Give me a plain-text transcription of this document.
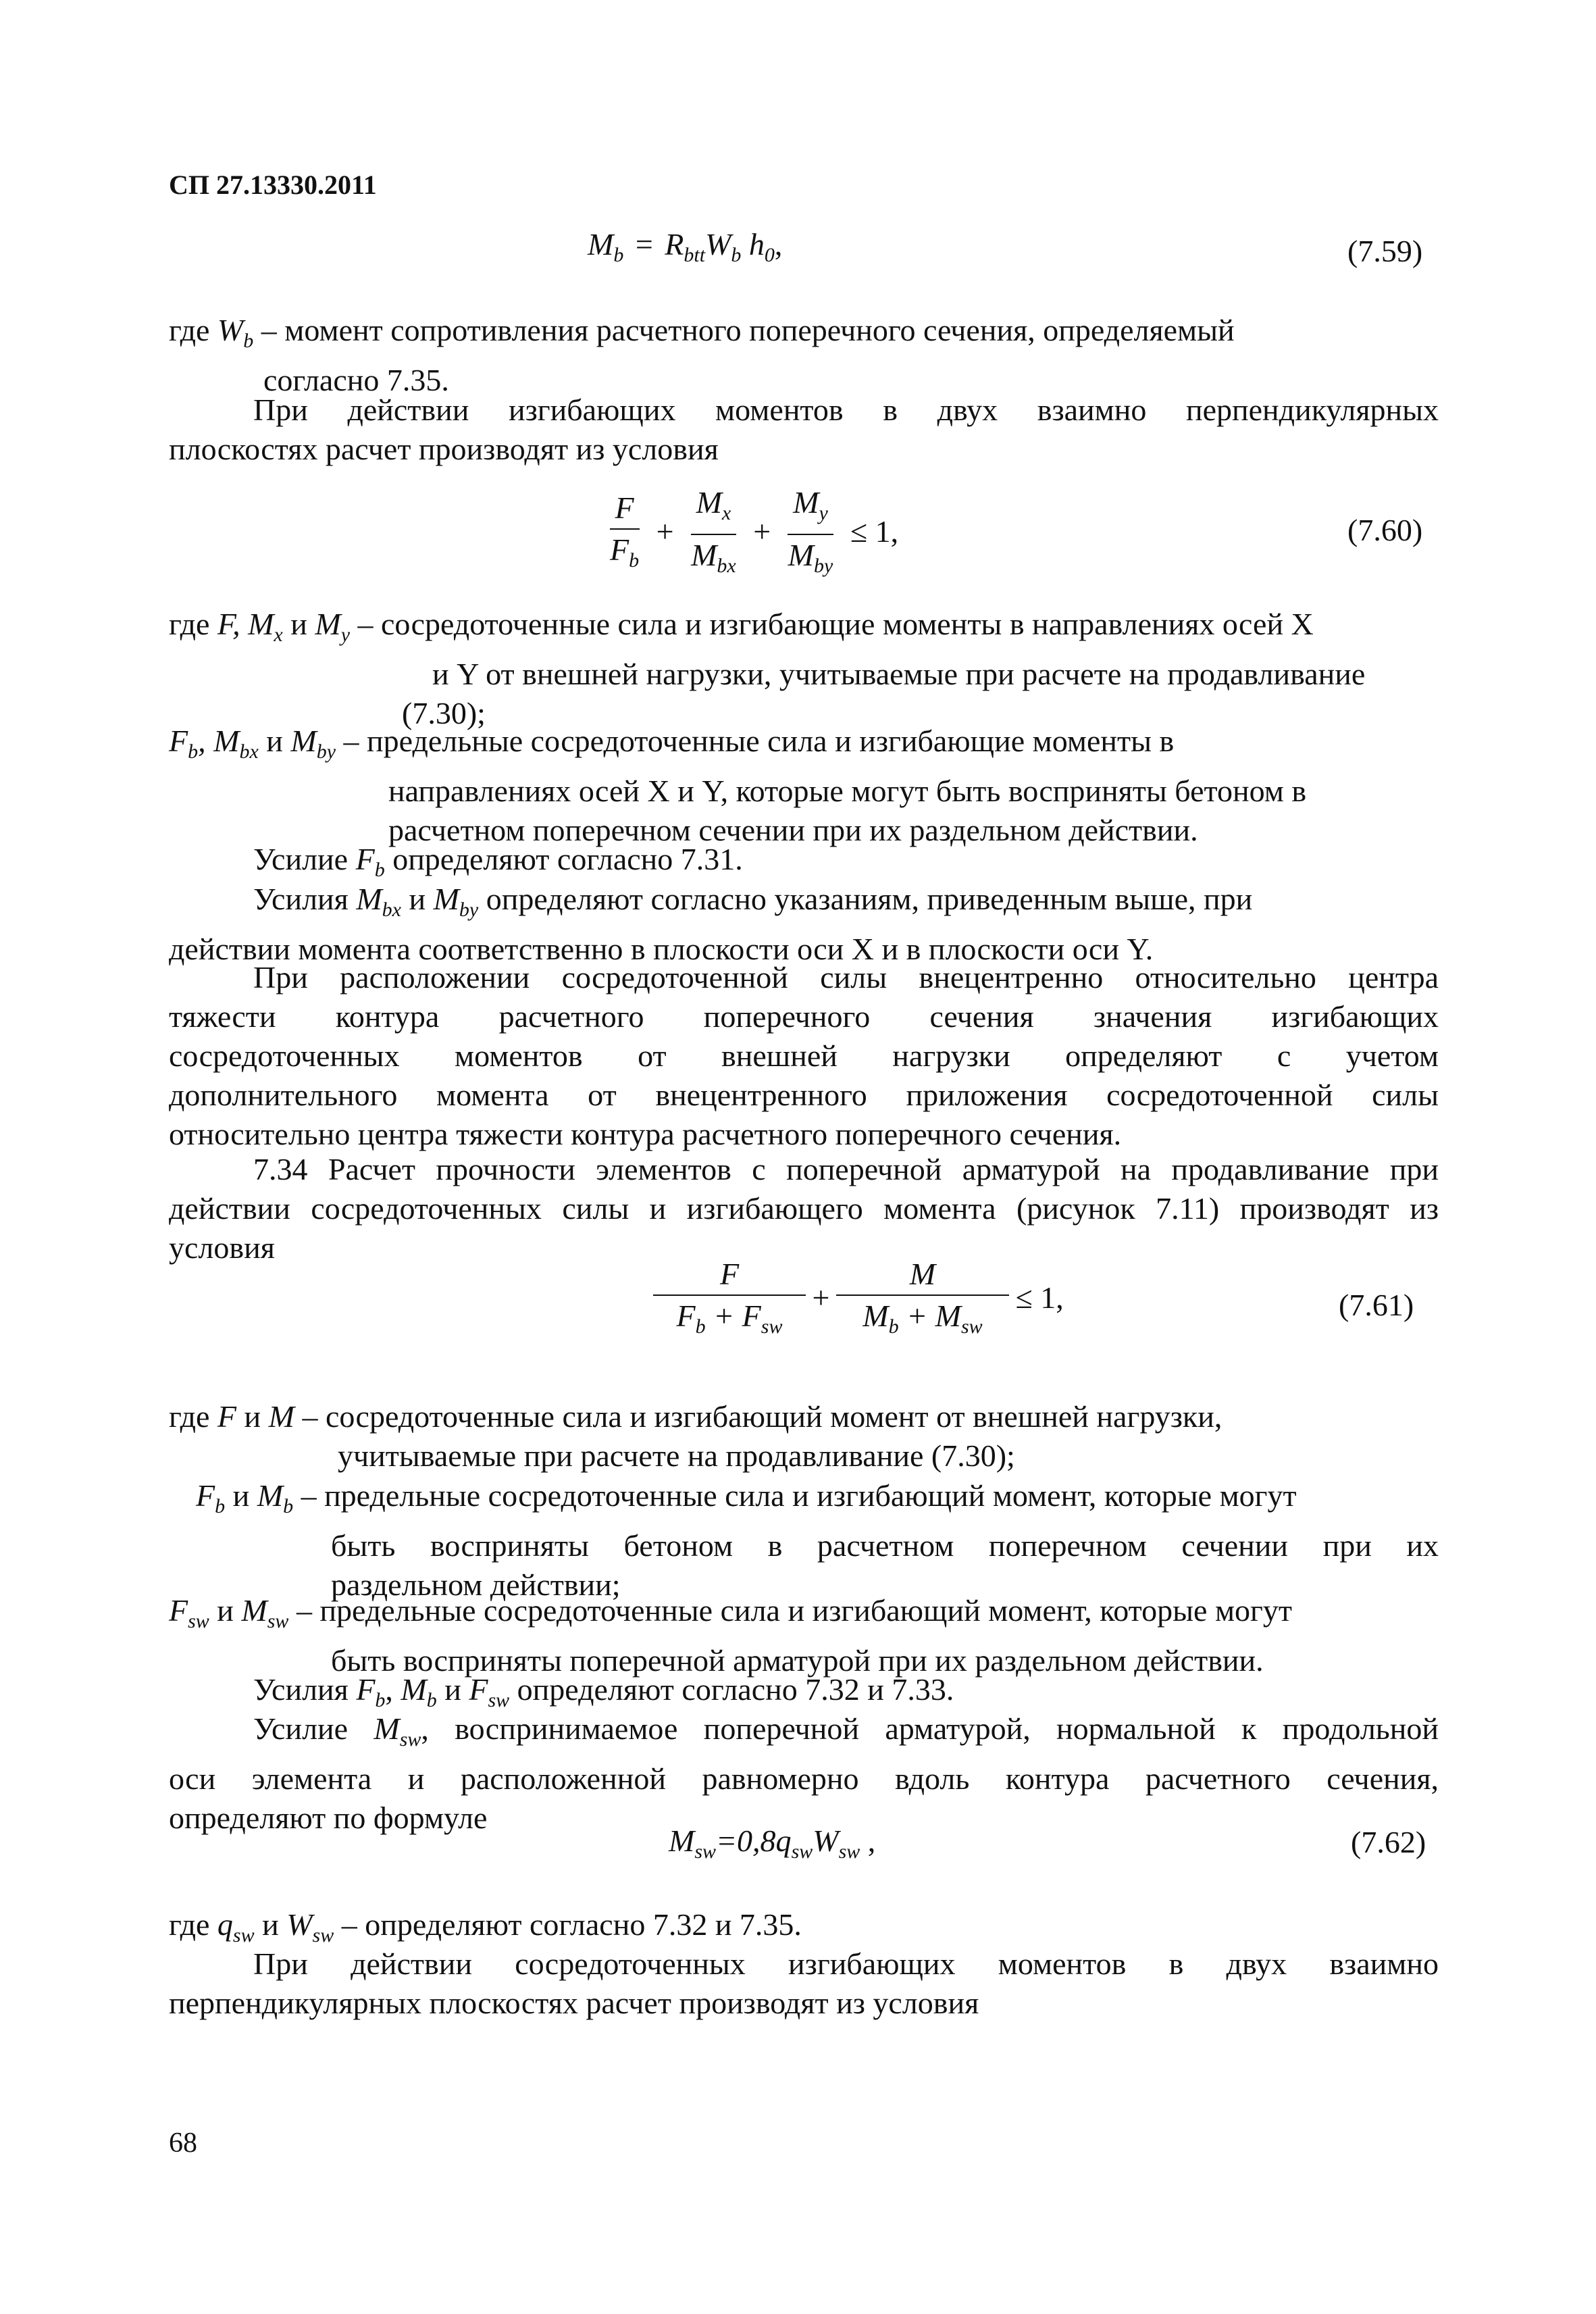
СП 27.13330.2011
$M_b = R_{btt}W_b$ $h_0$,	(7.59)
где $W_b$ – момент сопротивления расчетного поперечного сечения, определяемый
согласно 7.35.
При действии изгибающих моментов в двух взаимно перпендикулярных
плоскостях расчет производят из условия
$\frac{F}{F_b} + \frac{M_x}{M_{bx}} + \frac{M_y}{M_{by}} \le 1$,	(7.60)
где F, $M_x$ и $M_y$ – сосредоточенные сила и изгибающие моменты в направлениях осей X
и Y от внешней нагрузки, учитываемые при расчете на продавливание
(7.30);
$F_b$, $M_{bx}$ и $M_{by}$ – предельные сосредоточенные сила и изгибающие моменты в
направлениях осей X и Y, которые могут быть восприняты бетоном в
расчетном поперечном сечении при их раздельном действии.
Усилие $F_b$ определяют согласно 7.31.
Усилия $M_{bx}$ и $M_{by}$ определяют согласно указаниям, приведенным выше, при
действии момента соответственно в плоскости оси X и в плоскости оси Y.
При расположении сосредоточенной силы внецентренно относительно центра
тяжести контура расчетного поперечного сечения значения изгибающих
сосредоточенных моментов от внешней нагрузки определяют с учетом
дополнительного момента от внецентренного приложения сосредоточенной силы
относительно центра тяжести контура расчетного поперечного сечения.
7.34 Расчет прочности элементов с поперечной арматурой на продавливание при
действии сосредоточенных силы и изгибающего момента (рисунок 7.11) производят из
условия
$\frac{F}{F_b + F_{sw}} + \frac{M}{M_b + M_{sw}} \le 1$,	(7.61)
где F и M – сосредоточенные сила и изгибающий момент от внешней нагрузки,
учитываемые при расчете на продавливание (7.30);
$F_b$ и $M_b$ – предельные сосредоточенные сила и изгибающий момент, которые могут
быть восприняты бетоном в расчетном поперечном сечении при их
раздельном действии;
$F_{sw}$ и $M_{sw}$ – предельные сосредоточенные сила и изгибающий момент, которые могут
быть восприняты поперечной арматурой при их раздельном действии.
Усилия $F_b$, $M_b$ и $F_{sw}$ определяют согласно 7.32 и 7.33.
Усилие $M_{sw}$, воспринимаемое поперечной арматурой, нормальной к продольной
оси элемента и расположенной равномерно вдоль контура расчетного сечения,
определяют по формуле
$M_{sw}=0,8q_{sw}W_{sw}$ ,	(7.62)
где $q_{sw}$ и $W_{sw}$ – определяют согласно 7.32 и 7.35.
При действии сосредоточенных изгибающих моментов в двух взаимно
перпендикулярных плоскостях расчет производят из условия
68
